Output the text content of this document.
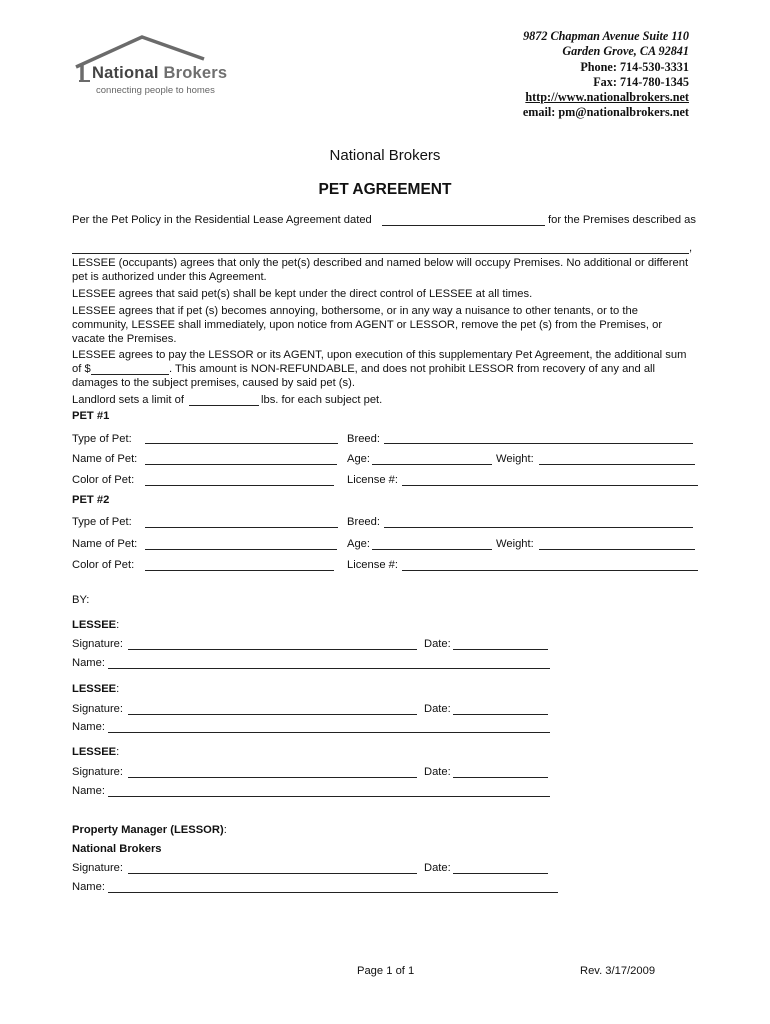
National Brokers
connecting people to homes
9872 Chapman Avenue Suite 110
Garden Grove, CA 92841
Phone: 714-530-3331
Fax: 714-780-1345
http://www.nationalbrokers.net
email: pm@nationalbrokers.net
National Brokers
PET AGREEMENT
Per the Pet Policy in the Residential Lease Agreement dated	for the Premises described as
,
LESSEE (occupants) agrees that only the pet(s) described and named below will occupy Premises. No additional or different
pet is authorized under this Agreement.
LESSEE agrees that said pet(s) shall be kept under the direct control of LESSEE at all times.
LESSEE agrees that if pet (s) becomes annoying, bothersome, or in any way a nuisance to other tenants, or to the
community, LESSEE shall immediately, upon notice from AGENT or LESSOR, remove the pet (s) from the Premises, or
vacate the Premises.
LESSEE agrees to pay the LESSOR or its AGENT, upon execution of this supplementary Pet Agreement, the additional sum
of $	. This amount is NON-REFUNDABLE, and does not prohibit LESSOR from recovery of any and all
damages to the subject premises, caused by said pet (s).
Landlord sets a limit of	lbs. for each subject pet.
PET #1
Type of Pet:	Breed:
Name of Pet:	Age:	Weight:
Color of Pet:	License #:
PET #2
Type of Pet:	Breed:
Name of Pet:	Age:	Weight:
Color of Pet:	License #:
BY:
LESSEE:
Signature:	Date:
Name:
LESSEE:
Signature:	Date:
Name:
LESSEE:
Signature:	Date:
Name:
Property Manager (LESSOR):
National Brokers
Signature:	Date:
Name:
Page 1 of 1	Rev. 3/17/2009
